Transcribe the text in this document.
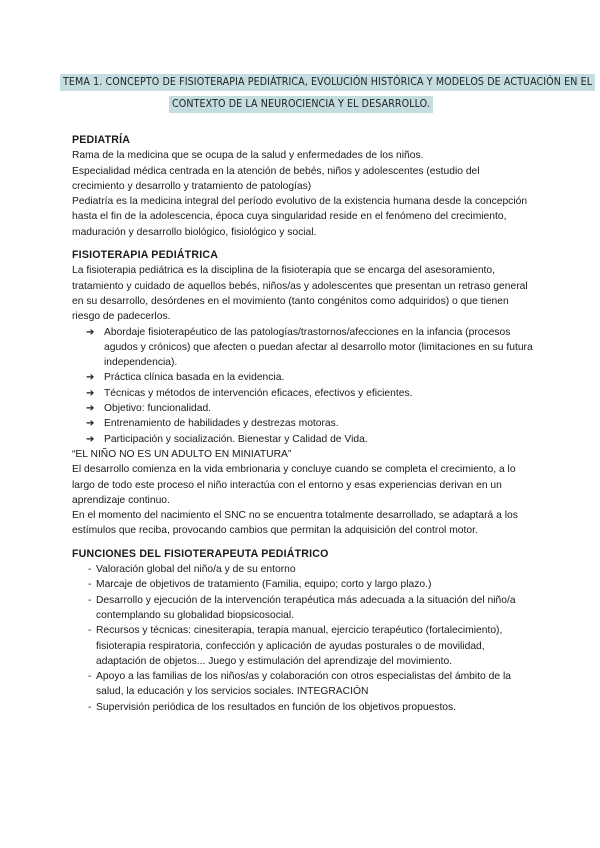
TEMA 1. CONCEPTO DE FISIOTERAPIA PEDIÁTRICA, EVOLUCIÓN HISTÓRICA Y MODELOS DE ACTUACIÓN EN EL
CONTEXTO DE LA NEUROCIENCIA Y EL DESARROLLO.

PEDIATRÍA

Rama de la medicina que se ocupa de la salud y enfermedades de los niños.

Especialidad médica centrada en la atención de bebés, niños y adolescentes (estudio del crecimiento y desarrollo y tratamiento de patologías)

Pediatría es la medicina integral del período evolutivo de la existencia humana desde la concepción hasta el fin de la adolescencia, época cuya singularidad reside en el fenómeno del crecimiento, maduración y desarrollo biológico, fisiológico y social.

FISIOTERAPIA PEDIÁTRICA

La fisioterapia pediátrica es la disciplina de la fisioterapia que se encarga del asesoramiento, tratamiento y cuidado de aquellos bebés, niños/as y adolescentes que presentan un retraso general en su desarrollo, desórdenes en el movimiento (tanto congénitos como adquiridos) o que tienen riesgo de padecerlos.

➔ Abordaje fisioterapéutico de las patologías/trastornos/afecciones en la infancia (procesos agudos y crónicos) que afecten o puedan afectar al desarrollo motor (limitaciones en su futura independencia).
➔ Práctica clínica basada en la evidencia.
➔ Técnicas y métodos de intervención eficaces, efectivos y eficientes.
➔ Objetivo: funcionalidad.
➔ Entrenamiento de habilidades y destrezas motoras.
➔ Participación y socialización. Bienestar y Calidad de Vida.

“EL NIÑO NO ES UN ADULTO EN MINIATURA”

El desarrollo comienza en la vida embrionaria y concluye cuando se completa el crecimiento, a lo largo de todo este proceso el niño interactúa con el entorno y esas experiencias derivan en un aprendizaje continuo.

En el momento del nacimiento el SNC no se encuentra totalmente desarrollado, se adaptará a los estímulos que reciba, provocando cambios que permitan la adquisición del control motor.

FUNCIONES DEL FISIOTERAPEUTA PEDIÁTRICO

- Valoración global del niño/a y de su entorno
- Marcaje de objetivos de tratamiento (Familia, equipo; corto y largo plazo.)
- Desarrollo y ejecución de la intervención terapéutica más adecuada a la situación del niño/a contemplando su globalidad biopsicosocial.
- Recursos y técnicas: cinesiterapia, terapia manual, ejercicio terapéutico (fortalecimiento), fisioterapia respiratoria, confección y aplicación de ayudas posturales o de movilidad, adaptación de objetos... Juego y estimulación del aprendizaje del movimiento.
- Apoyo a las familias de los niños/as y colaboración con otros especialistas del ámbito de la salud, la educación y los servicios sociales. INTEGRACIÓN
- Supervisión periódica de los resultados en función de los objetivos propuestos.
